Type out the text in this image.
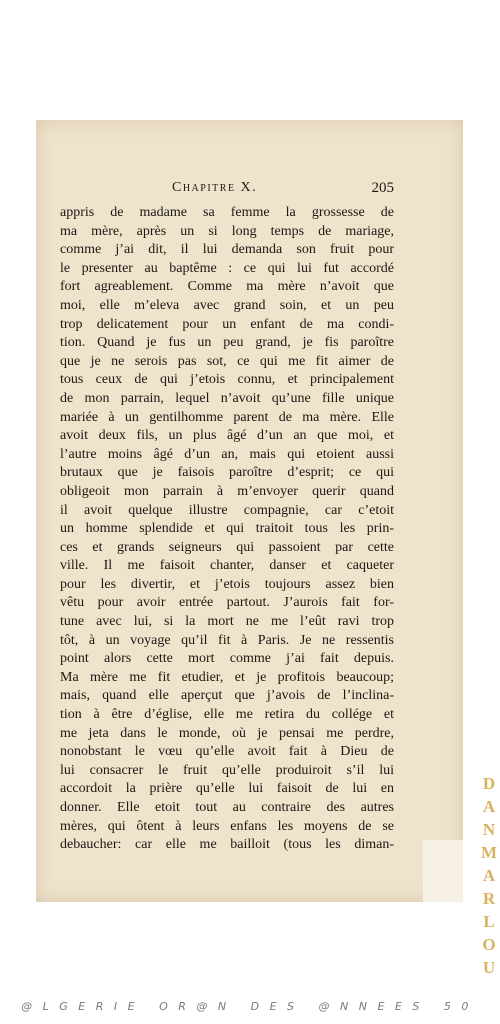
Chapitre X.	205
appris de madame sa femme la grossesse de
ma mère, après un si long temps de mariage,
comme j’ai dit, il lui demanda son fruit pour
le presenter au baptême : ce qui lui fut accordé
fort agreablement. Comme ma mère n’avoit que
moi, elle m’eleva avec grand soin, et un peu
trop delicatement pour un enfant de ma condi-
tion. Quand je fus un peu grand, je fis paroître
que je ne serois pas sot, ce qui me fit aimer de
tous ceux de qui j’etois connu, et principalement
de mon parrain, lequel n’avoit qu’une fille unique
mariée à un gentilhomme parent de ma mère. Elle
avoit deux fils, un plus âgé d’un an que moi, et
l’autre moins âgé d’un an, mais qui etoient aussi
brutaux que je faisois paroître d’esprit; ce qui
obligeoit mon parrain à m’envoyer querir quand
il avoit quelque illustre compagnie, car c’etoit
un homme splendide et qui traitoit tous les prin-
ces et grands seigneurs qui passoient par cette
ville. Il me faisoit chanter, danser et caqueter
pour les divertir, et j’etois toujours assez bien
vêtu pour avoir entrée partout. J’aurois fait for-
tune avec lui, si la mort ne me l’eût ravi trop
tôt, à un voyage qu’il fit à Paris. Je ne ressentis
point alors cette mort comme j’ai fait depuis.
Ma mère me fit etudier, et je profitois beaucoup;
mais, quand elle aperçut que j’avois de l’inclina-
tion à être d’église, elle me retira du collége et
me jeta dans le monde, où je pensai me perdre,
nonobstant le vœu qu’elle avoit fait à Dieu de
lui consacrer le fruit qu’elle produiroit s’il lui
accordoit la prière qu’elle lui faisoit de lui en
donner. Elle etoit tout au contraire des autres
mères, qui ôtent à leurs enfans les moyens de se
debaucher: car elle me bailloit (tous les diman-
D
A
N
M
A
R
L
O
U
@LGERIE OR@N DES @NNEES 50
